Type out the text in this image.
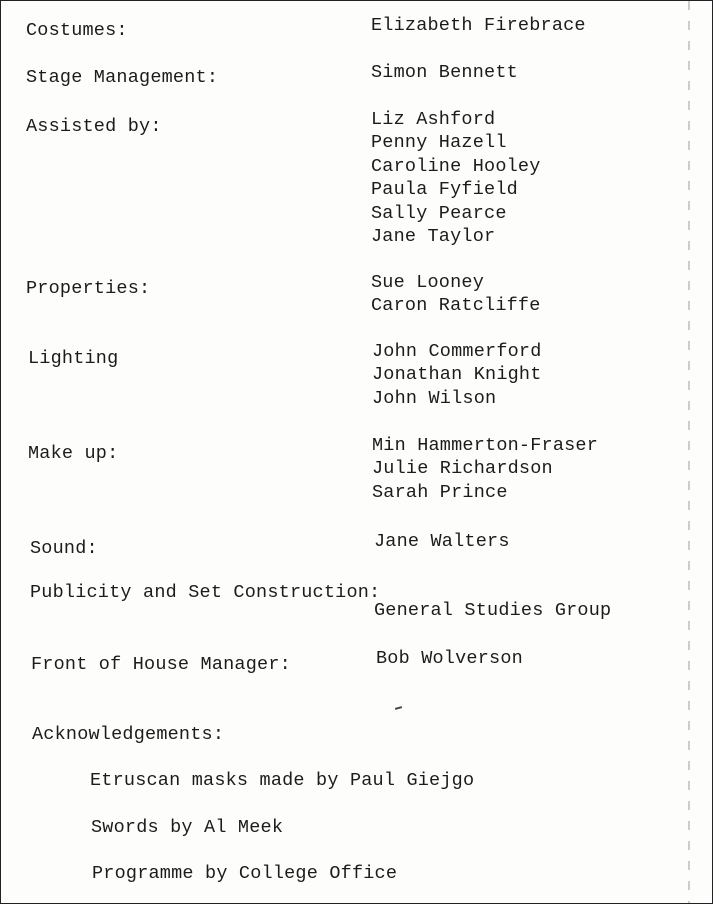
Costumes:	Elizabeth Firebrace
Stage Management:	Simon Bennett
Assisted by:	Liz Ashford
Penny Hazell
Caroline Hooley
Paula Fyfield
Sally Pearce
Jane Taylor
Properties:	Sue Looney
Caron Ratcliffe
Lighting	John Commerford
Jonathan Knight
John Wilson
Make up:	Min Hammerton-Fraser
Julie Richardson
Sarah Prince
Sound:	Jane Walters
Publicity and Set Construction:
General Studies Group
Front of House Manager:	Bob Wolverson
Acknowledgements:
Etruscan masks made by Paul Giejgo
Swords by Al Meek
Programme by College Office
